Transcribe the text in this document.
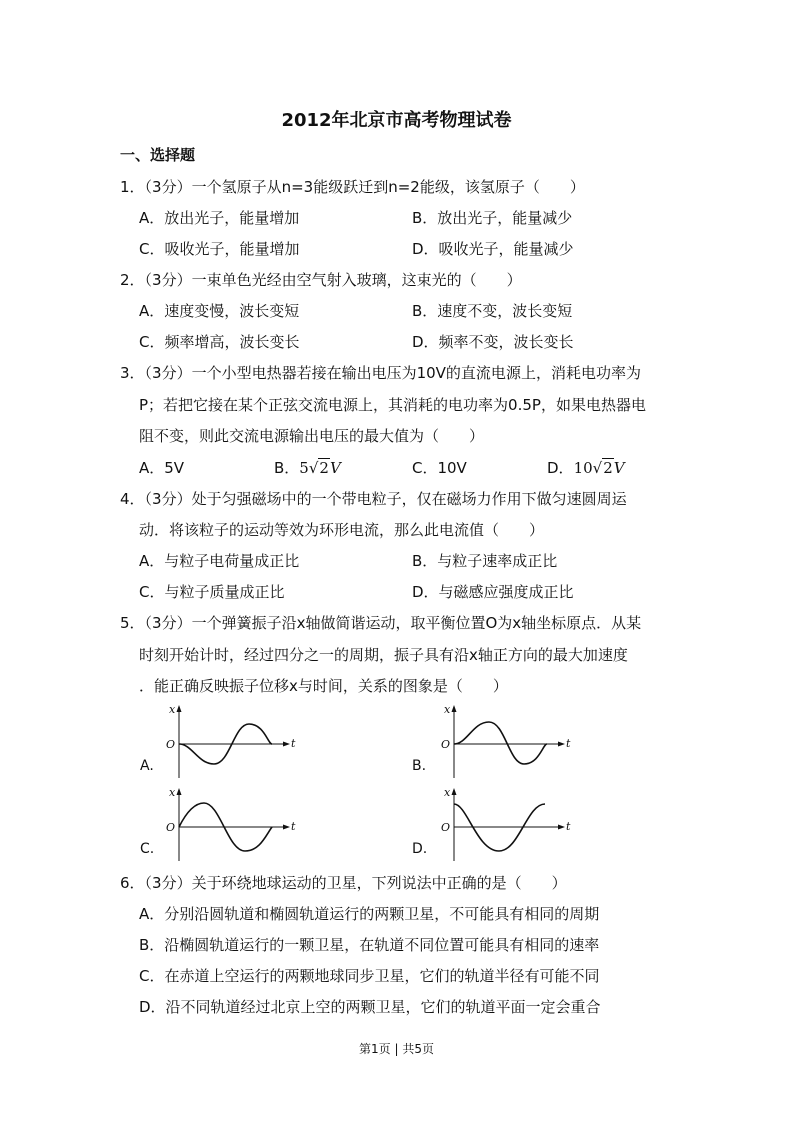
2012年北京市高考物理试卷
一、选择题
1．（3分）一个氢原子从n=3能级跃迁到n=2能级，该氢原子（　　）
A．放出光子，能量增加	B．放出光子，能量减少
C．吸收光子，能量增加	D．吸收光子，能量减少
2．（3分）一束单色光经由空气射入玻璃，这束光的（　　）
A．速度变慢，波长变短	B．速度不变，波长变短
C．频率增高，波长变长	D．频率不变，波长变长
3．（3分）一个小型电热器若接在输出电压为10V的直流电源上，消耗电功率为
P；若把它接在某个正弦交流电源上，其消耗的电功率为0.5P，如果电热器电
阻不变，则此交流电源输出电压的最大值为（　　）
A．5V	B．5√2V	C．10V	D．10√2V
4．（3分）处于匀强磁场中的一个带电粒子，仅在磁场力作用下做匀速圆周运
动．将该粒子的运动等效为环形电流，那么此电流值（　　）
A．与粒子电荷量成正比	B．与粒子速率成正比
C．与粒子质量成正比	D．与磁感应强度成正比
5．（3分）一个弹簧振子沿x轴做简谐运动，取平衡位置O为x轴坐标原点．从某
时刻开始计时，经过四分之一的周期，振子具有沿x轴正方向的最大加速度
．能正确反映振子位移x与时间，关系的图象是（　　）
A.
x
t
O
B.
x
t
O
C.
x
t
O
D.
x
t
O
6．（3分）关于环绕地球运动的卫星，下列说法中正确的是（　　）
A．分别沿圆轨道和椭圆轨道运行的两颗卫星，不可能具有相同的周期
B．沿椭圆轨道运行的一颗卫星，在轨道不同位置可能具有相同的速率
C．在赤道上空运行的两颗地球同步卫星，它们的轨道半径有可能不同
D．沿不同轨道经过北京上空的两颗卫星，它们的轨道平面一定会重合
第1页 | 共5页
